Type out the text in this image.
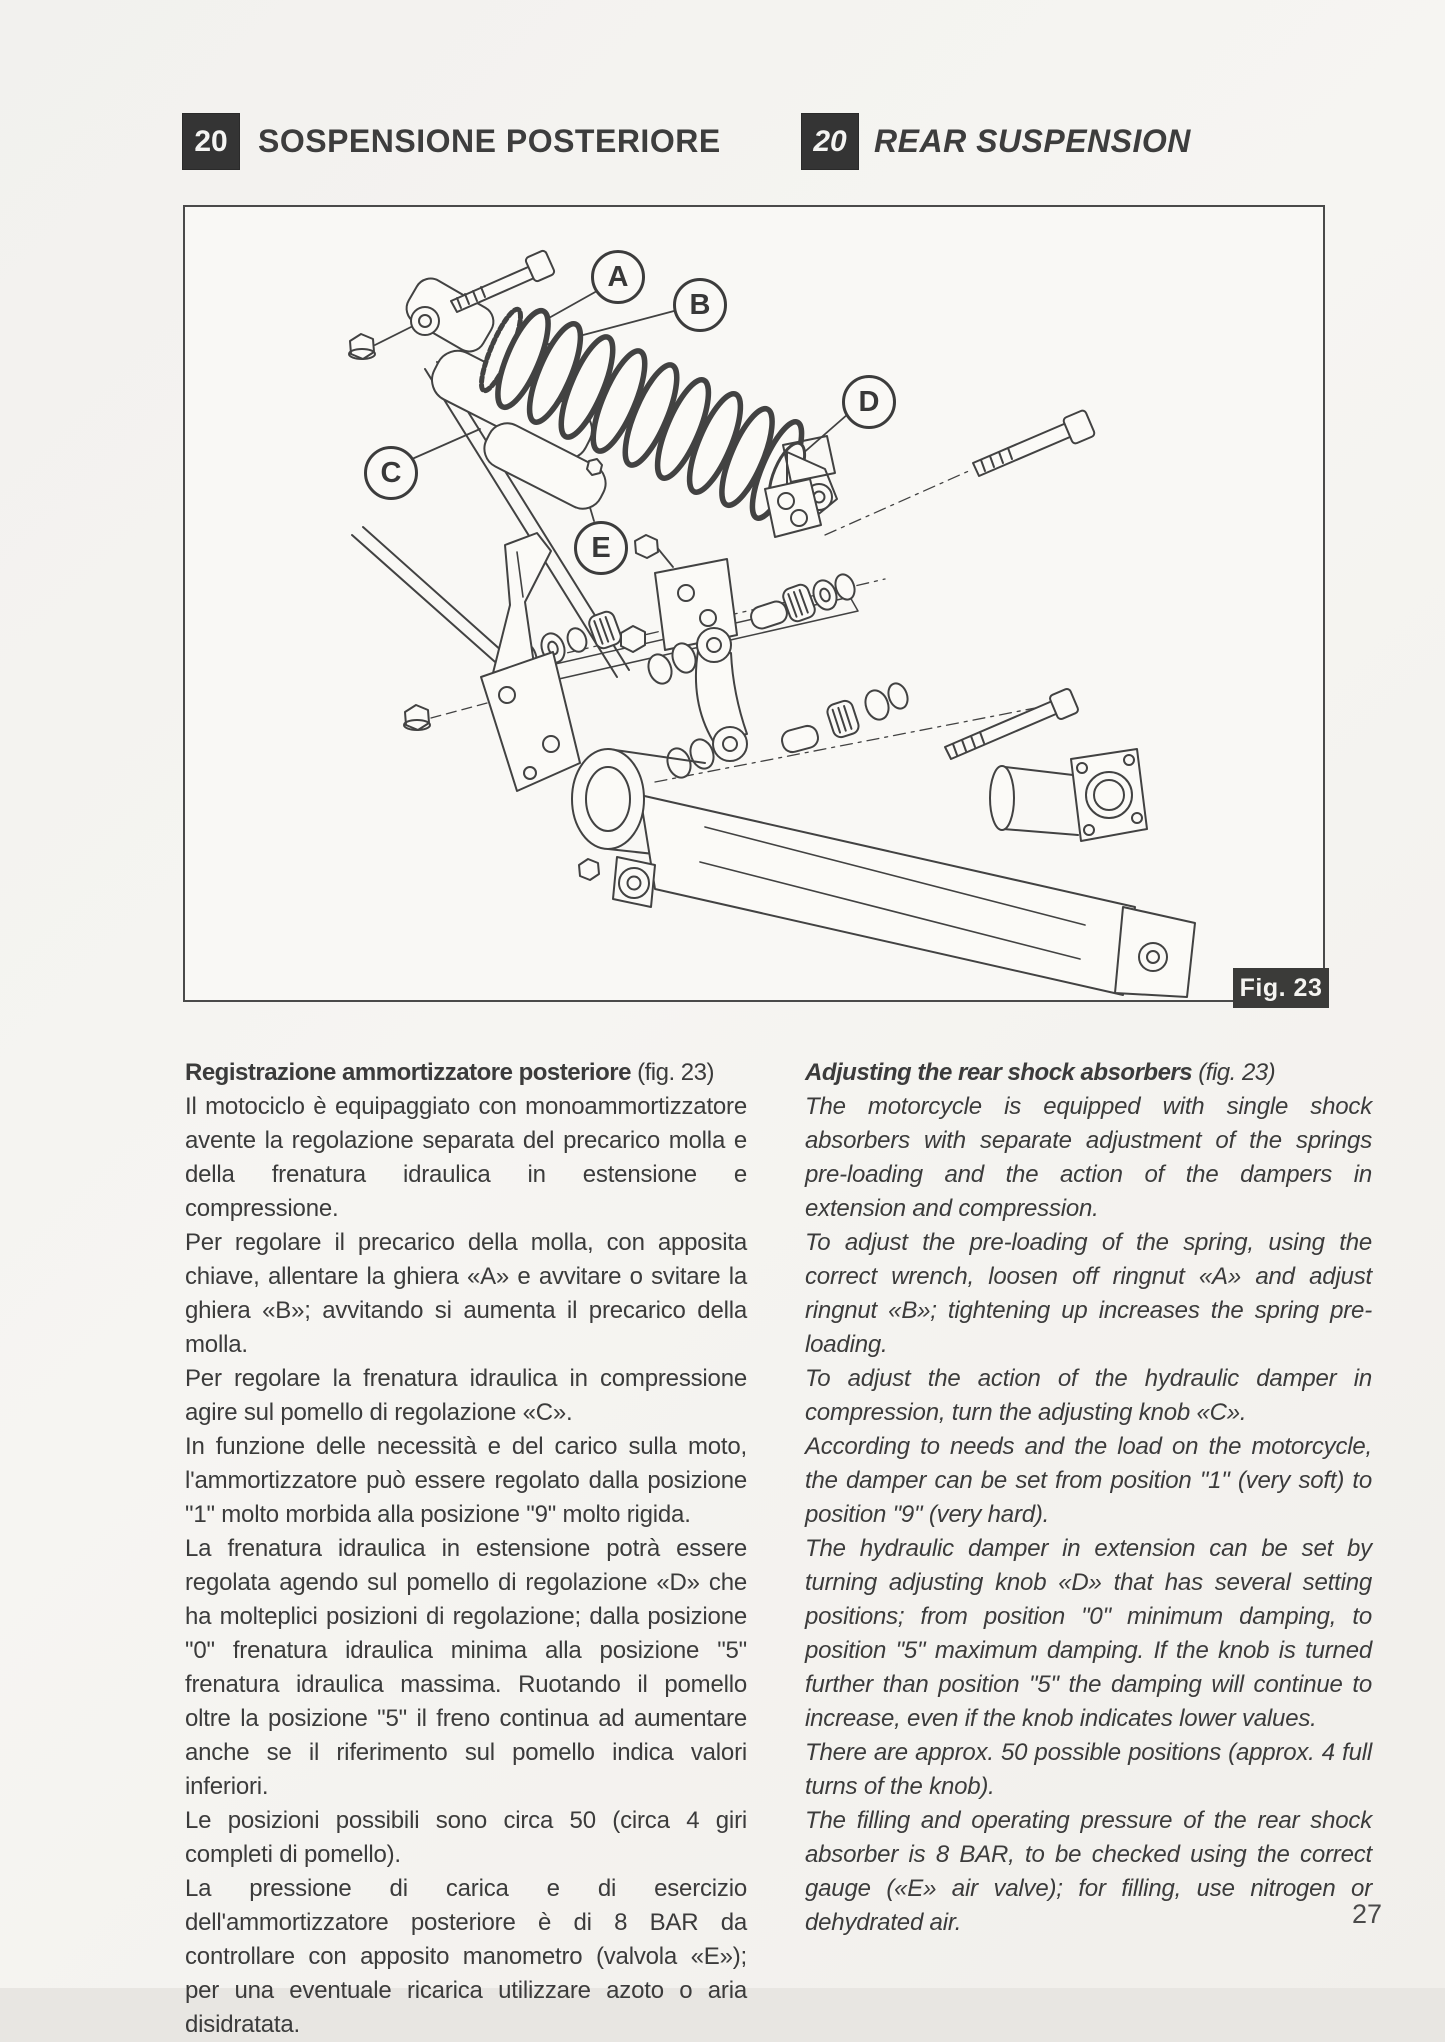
20 SOSPENSIONE POSTERIORE	20 REAR SUSPENSION
A
B
C
D
E
Fig. 23

Registrazione ammortizzatore posteriore (fig. 23)

Il motociclo è equipaggiato con monoammortizzatore avente la regolazione separata del precarico molla e della frenatura idraulica in estensione e compressione.

Per regolare il precarico della molla, con apposita chiave, allentare la ghiera «A» e avvitare o svitare la ghiera «B»; avvitando si aumenta il precarico della molla.

Per regolare la frenatura idraulica in compressione agire sul pomello di regolazione «C».

In funzione delle necessità e del carico sulla moto, l'ammortizzatore può essere regolato dalla posizione "1" molto morbida alla posizione "9" molto rigida.

La frenatura idraulica in estensione potrà essere regolata agendo sul pomello di regolazione «D» che ha molteplici posizioni di regolazione; dalla posizione "0" frenatura idraulica minima alla posizione "5" frenatura idraulica massima. Ruotando il pomello oltre la posizione "5" il freno continua ad aumentare anche se il riferimento sul pomello indica valori inferiori.

Le posizioni possibili sono circa 50 (circa 4 giri completi di pomello).

La pressione di carica e di esercizio dell'ammortizzatore posteriore è di 8 BAR da controllare con apposito manometro (valvola «E»); per una eventuale ricarica utilizzare azoto o aria disidratata.

Adjusting the rear shock absorbers (fig. 23)

The motorcycle is equipped with single shock absorbers with separate adjustment of the springs pre-loading and the action of the dampers in extension and compression.

To adjust the pre-loading of the spring, using the correct wrench, loosen off ringnut «A» and adjust ringnut «B»; tightening up increases the spring pre-loading.

To adjust the action of the hydraulic damper in compression, turn the adjusting knob «C».

According to needs and the load on the motorcycle, the damper can be set from position "1" (very soft) to position "9" (very hard).

The hydraulic damper in extension can be set by turning adjusting knob «D» that has several setting positions; from position "0" minimum damping, to position "5" maximum damping. If the knob is turned further than position "5" the damping will continue to increase, even if the knob indicates lower values.

There are approx. 50 possible positions (approx. 4 full turns of the knob).

The filling and operating pressure of the rear shock absorber is 8 BAR, to be checked using the correct gauge («E» air valve); for filling, use nitrogen or dehydrated air.	27
